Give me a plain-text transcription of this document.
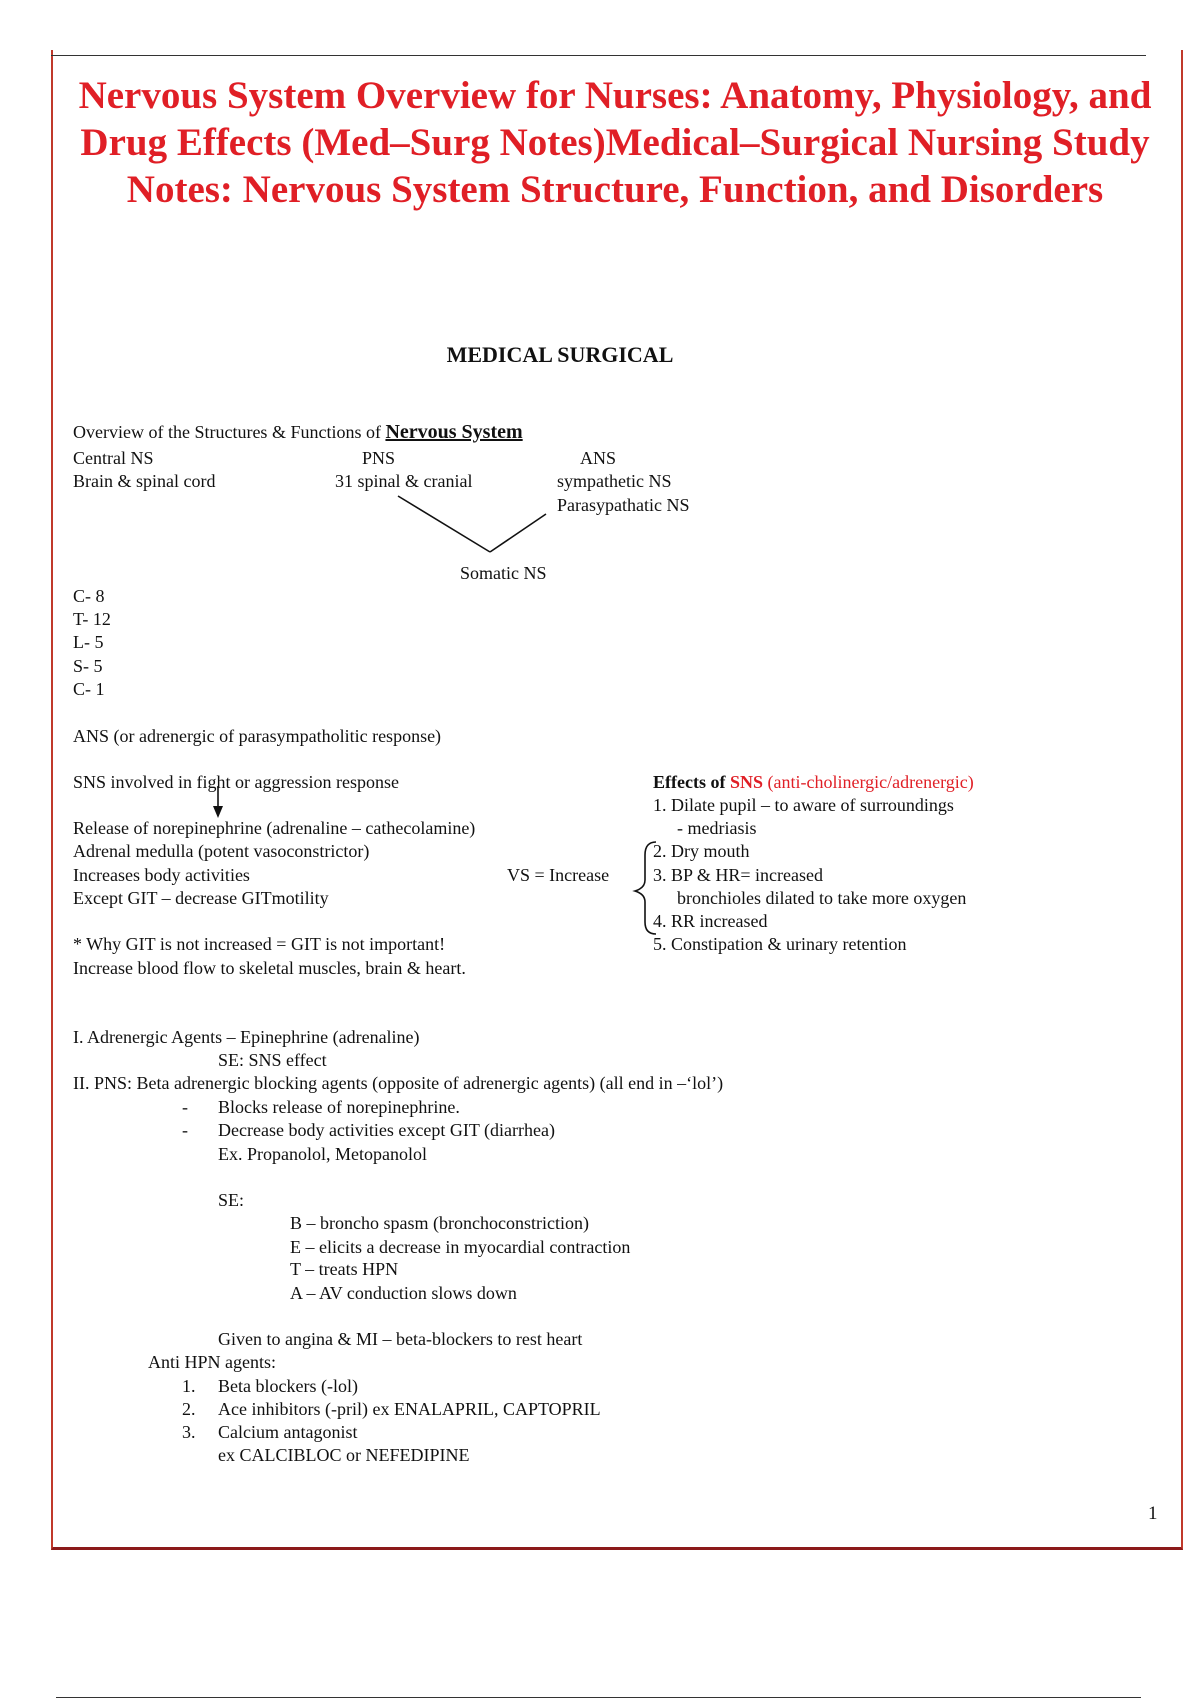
Nervous System Overview for Nurses: Anatomy, Physiology, and Drug Effects (Med–Surg Notes)Medical–Surgical Nursing Study Notes: Nervous System Structure, Function, and Disorders
MEDICAL SURGICAL
Overview of the Structures & Functions of Nervous System
Central NS
Brain & spinal cord
PNS
31 spinal & cranial
ANS
sympathetic NS
Parasypathatic NS
Somatic NS
C- 8
T- 12
L- 5
S- 5
C- 1
ANS (or adrenergic of parasympatholitic response)
SNS involved in fight or aggression response
Release of norepinephrine (adrenaline – cathecolamine)
Adrenal medulla (potent vasoconstrictor)
Increases body activities
Except GIT – decrease GITmotility
VS = Increase
* Why GIT is not increased = GIT is not important!
Increase blood flow to skeletal muscles, brain & heart.
Effects of SNS (anti-cholinergic/adrenergic)
1. Dilate pupil – to aware of surroundings
- medriasis
2. Dry mouth
3. BP & HR= increased
bronchioles dilated to take more oxygen
4. RR increased
5. Constipation & urinary retention
I. Adrenergic Agents – Epinephrine (adrenaline)
SE: SNS effect
II. PNS: Beta adrenergic blocking agents (opposite of adrenergic agents) (all end in –‘lol’)
- Blocks release of norepinephrine.
- Decrease body activities except GIT (diarrhea)
Ex. Propanolol, Metopanolol
SE:
B – broncho spasm (bronchoconstriction)
E – elicits a decrease in myocardial contraction
T – treats HPN
A – AV conduction slows down
Given to angina & MI – beta-blockers to rest heart
Anti HPN agents:
1. Beta blockers (-lol)
2. Ace inhibitors (-pril) ex ENALAPRIL, CAPTOPRIL
3. Calcium antagonist
ex CALCIBLOC or NEFEDIPINE
1
